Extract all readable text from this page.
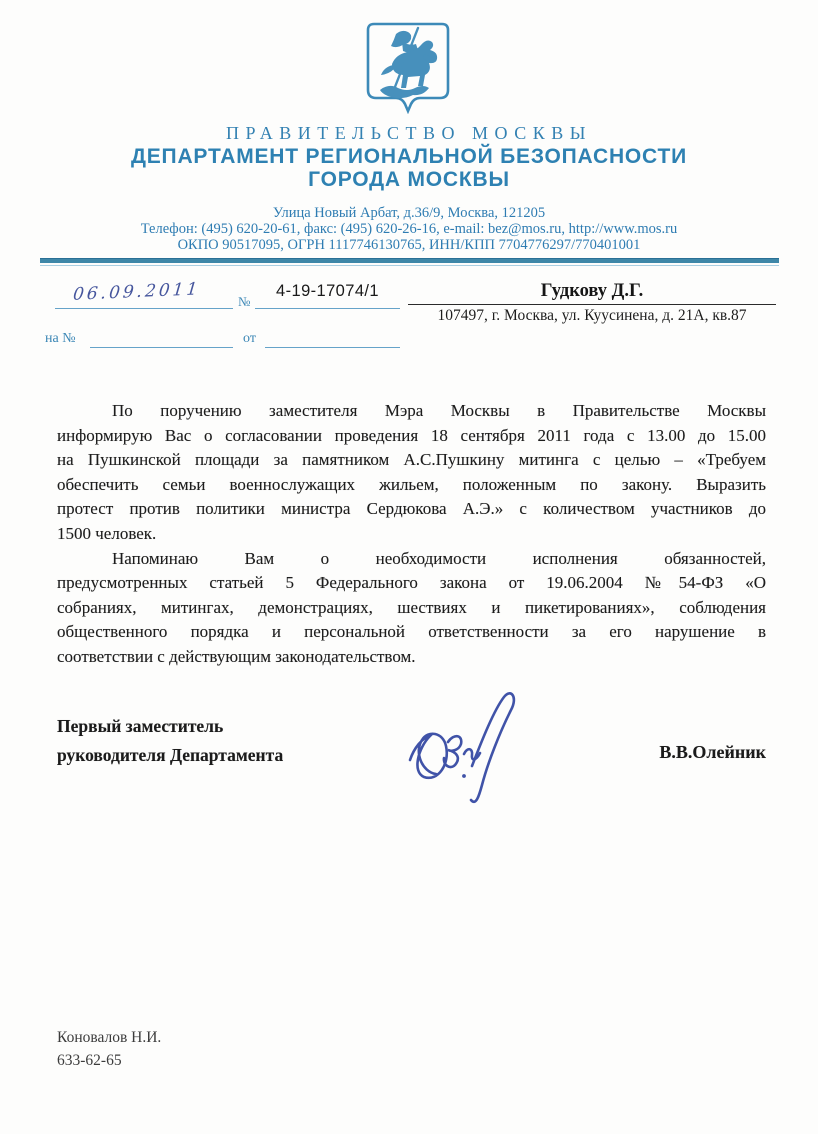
ПРАВИТЕЛЬСТВО МОСКВЫ
ДЕПАРТАМЕНТ РЕГИОНАЛЬНОЙ БЕЗОПАСНОСТИ
ГОРОДА МОСКВЫ
Улица Новый Арбат, д.36/9, Москва, 121205
Телефон: (495) 620-20-61, факс: (495) 620-26-16, e-mail: bez@mos.ru, http://www.mos.ru
ОКПО 90517095, ОГРН 1117746130765, ИНН/КПП 7704776297/770401001
06.09.2011	№
4-19-17074/1	Гудкову Д.Г.
107497, г. Москва, ул. Куусинена, д. 21А, кв.87
на №	от
По поручению заместителя Мэра Москвы в Правительстве Москвы
информирую Вас о согласовании проведения 18 сентября 2011 года с 13.00 до 15.00
на Пушкинской площади за памятником А.С.Пушкину митинга с целью – «Требуем
обеспечить семьи военнослужащих жильем, положенным по закону. Выразить
протест против политики министра Сердюкова А.Э.» с количеством участников до
1500 человек.
Напоминаю Вам о необходимости исполнения обязанностей,
предусмотренных статьей 5 Федерального закона от 19.06.2004 №54-ФЗ «О
собраниях, митингах, демонстрациях, шествиях и пикетированиях», соблюдения
общественного порядка и персональной ответственности за его нарушение в
соответствии с действующим законодательством.
Первый заместитель
руководителя Департамента	В.В.Олейник
Коновалов Н.И.
633-62-65
